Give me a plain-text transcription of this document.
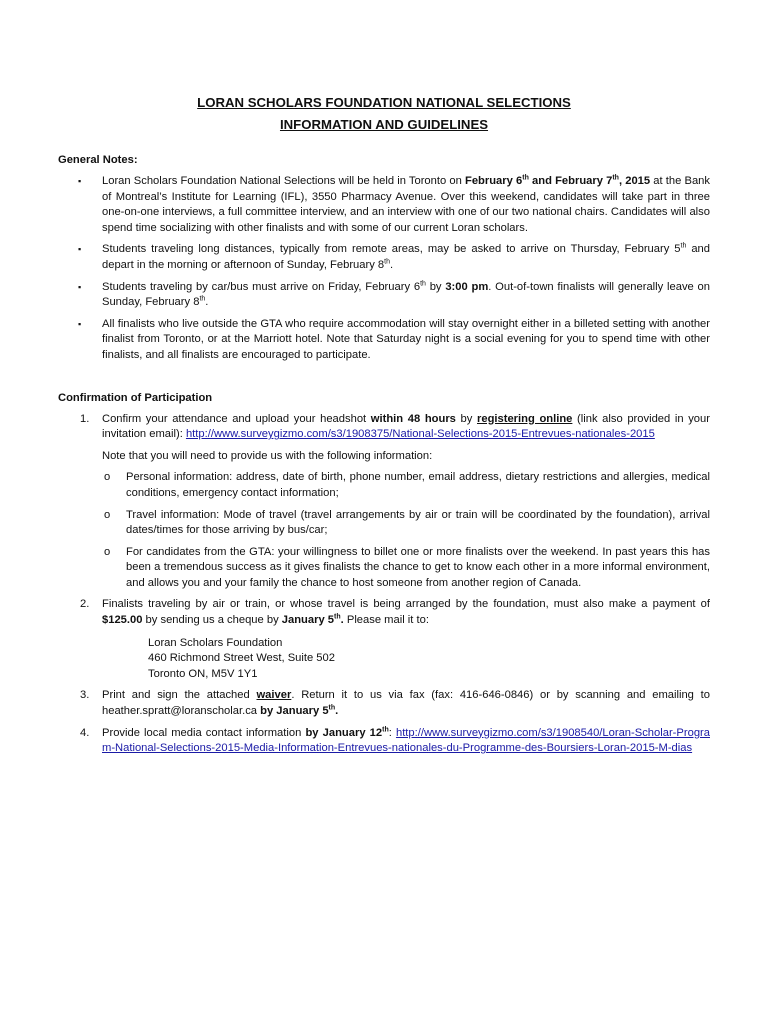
LORAN SCHOLARS FOUNDATION NATIONAL SELECTIONS
INFORMATION AND GUIDELINES
General Notes:
▪ Loran Scholars Foundation National Selections will be held in Toronto on February 6th and February 7th, 2015 at the Bank of Montreal’s Institute for Learning (IFL), 3550 Pharmacy Avenue. Over this weekend, candidates will take part in three one-on-one interviews, a full committee interview, and an interview with one of our two national chairs. Candidates will also spend time socializing with other finalists and with some of our current Loran scholars.
▪ Students traveling long distances, typically from remote areas, may be asked to arrive on Thursday, February 5th and depart in the morning or afternoon of Sunday, February 8th.
▪ Students traveling by car/bus must arrive on Friday, February 6th by 3:00 pm. Out-of-town finalists will generally leave on Sunday, February 8th.
▪ All finalists who live outside the GTA who require accommodation will stay overnight either in a billeted setting with another finalist from Toronto, or at the Marriott hotel. Note that Saturday night is a social evening for you to spend time with other finalists, and all finalists are encouraged to participate.
Confirmation of Participation
1. Confirm your attendance and upload your headshot within 48 hours by registering online (link also provided in your invitation email): http://www.surveygizmo.com/s3/1908375/National-Selections-2015-Entrevues-nationales-2015

Note that you will need to provide us with the following information:

o Personal information: address, date of birth, phone number, email address, dietary restrictions and allergies, medical conditions, emergency contact information;
o Travel information: Mode of travel (travel arrangements by air or train will be coordinated by the foundation), arrival dates/times for those arriving by bus/car;
o For candidates from the GTA: your willingness to billet one or more finalists over the weekend. In past years this has been a tremendous success as it gives finalists the chance to get to know each other in a more informal environment, and allows you and your family the chance to host someone from another region of Canada.
2. Finalists traveling by air or train, or whose travel is being arranged by the foundation, must also make a payment of $125.00 by sending us a cheque by January 5th. Please mail it to:
Loran Scholars Foundation
460 Richmond Street West, Suite 502
Toronto ON, M5V 1Y1
3. Print and sign the attached waiver. Return it to us via fax (fax: 416-646-0846) or by scanning and emailing to heather.spratt@loranscholar.ca by January 5th.
4. Provide local media contact information by January 12th: http://www.surveygizmo.com/s3/1908540/Loran-Scholar-Program-National-Selections-2015-Media-Information-Entrevues-nationales-du-Programme-des-Boursiers-Loran-2015-M-dias
